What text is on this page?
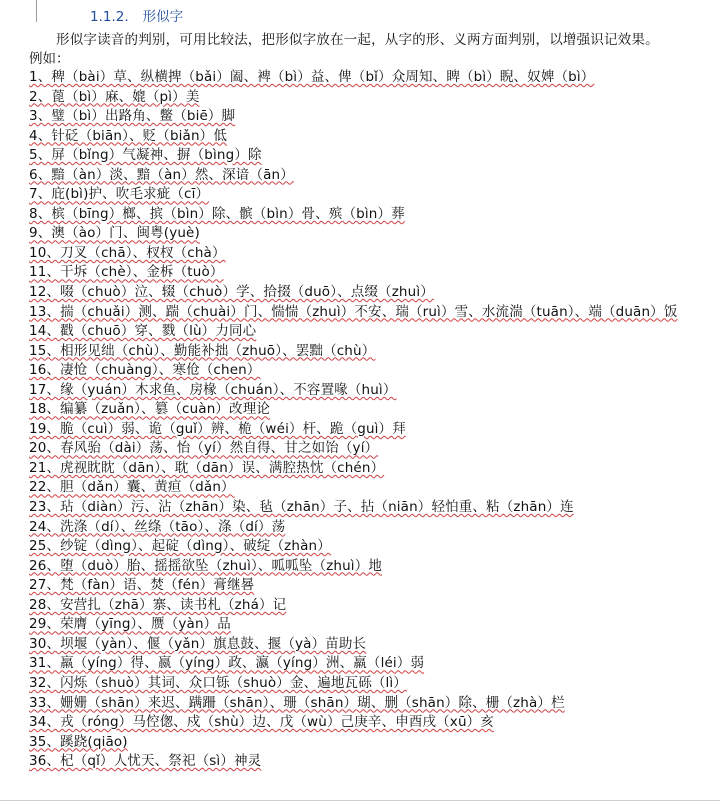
1.1.2. 形似字
形似字读音的判别，可用比较法，把形似字放在一起，从字的形、义两方面判别，以增强识记效果。
例如：
1、稗（bài）草、纵横捭（bǎi）阖、裨（bì）益、俾（bǐ）众周知、睥（bì）睨、奴婢（bì）
2、蓖（bì）麻、媲（pì）美
3、璧（bì）出路角、鳖（biē）脚
4、针砭（biān）、贬（biǎn）低
5、屏（bǐng）气凝神、摒（bìng）除
6、黯（àn）淡、黯（àn）然、深谙（ān）
7、庇(bì)护、吹毛求疵（cī）
8、槟（bīng）榔、摈（bìn）除、髌（bìn）骨、殡（bìn）葬
9、澳（ào）门、闽粤(yuè)
10、刀叉（chā）、杈杈（chà）
11、干坼（chè）、金柝（tuò）
12、啜（chuò）泣、辍（chuò）学、拾掇（duō）、点缀（zhuì）
13、揣（chuǎi）测、踹（chuài）门、惴惴（zhuì）不安、瑞（ruì）雪、水流湍（tuān）、端（duān）饭
14、戳（chuō）穿、戮（lù）力同心
15、相形见绌（chù）、勤能补拙（zhuō）、罢黜（chù）
16、凄怆（chuàng）、寒伧（chen）
17、缘（yuán）木求鱼、房椽（chuán）、不容置喙（huì）
18、编纂（zuǎn）、篡（cuàn）改理论
19、脆（cuì）弱、诡（guǐ）辨、桅（wéi）杆、跪（guì）拜
20、春风骀（dài）荡、怡（yí）然自得、甘之如饴（yí）
21、虎视眈眈（dān）、耽（dān）误、满腔热忱（chén）
22、胆（dǎn）囊、黄疸（dǎn）
23、玷（diàn）污、沾（zhān）染、毡（zhān）子、拈（niān）轻怕重、粘（zhān）连
24、洗涤（dí）、丝绦（tāo）、涤（dí）荡
25、纱锭（dìng）、起碇（dìng）、破绽（zhàn）
26、堕（duò）胎、摇摇欲坠（zhuì）、呱呱坠（zhuì）地
27、梵（fàn）语、焚（fén）膏继晷
28、安营扎（zhā）寨、读书札（zhá）记
29、荣膺（yīng）、赝（yàn）品
30、坝堰（yàn）、偃（yǎn）旗息鼓、揠（yà）苗助长
31、羸（yíng）得、嬴（yíng）政、瀛（yíng）洲、羸（léi）弱
32、闪烁（shuò）其词、众口铄（shuò）金、遍地瓦砾（lì）
33、姗姗（shān）来迟、蹒跚（shān）、珊（shān）瑚、删（shān）除、栅（zhà）栏
34、戎（róng）马倥偬、戍（shù）边、戊（wù）己庚辛、申酉戌（xū）亥
35、蹊跷(qiāo)
36、杞（qǐ）人忧天、祭祀（sì）神灵
